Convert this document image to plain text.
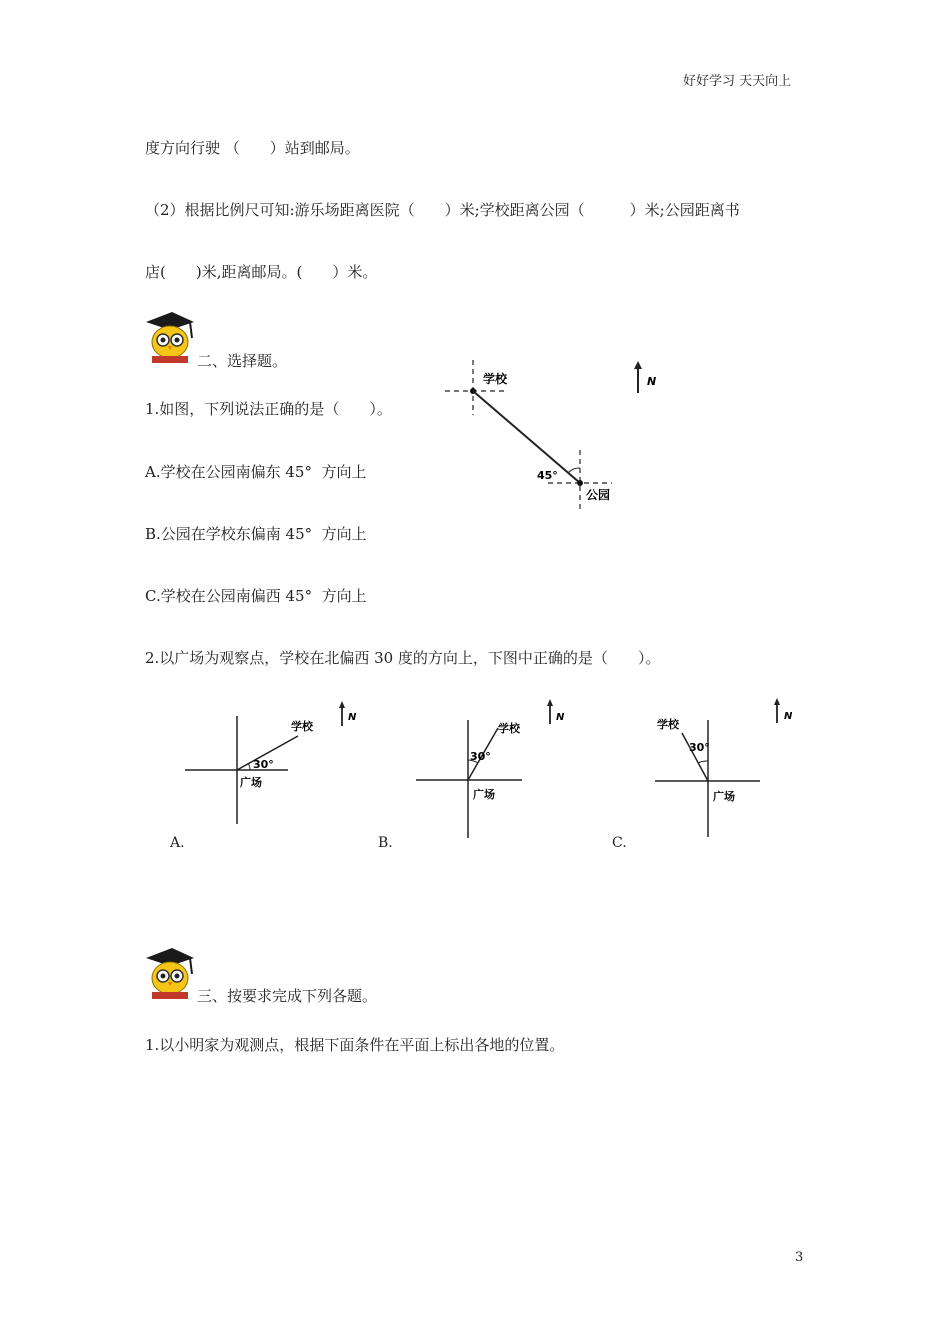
好好学习 天天向上
度方向行驶 （　　）站到邮局。
（2）根据比例尺可知:游乐场距离医院（　　）米;学校距离公园（　　　）米;公园距离书
店(　　)米,距离邮局。(　　）米。
二、选择题。
1.如图，下列说法正确的是（　　）。
A.学校在公园南偏东 45°  方向上
B.公园在学校东偏南 45°  方向上
C.学校在公园南偏西 45°  方向上
学校
45°
公园
N
2.以广场为观察点，学校在北偏西 30 度的方向上，下图中正确的是（　　）。
30°
学校
广场
N
30°
学校
广场
N
30°
学校
广场
N
A.	B.	C.
三、按要求完成下列各题。
1.以小明家为观测点，根据下面条件在平面上标出各地的位置。
3
